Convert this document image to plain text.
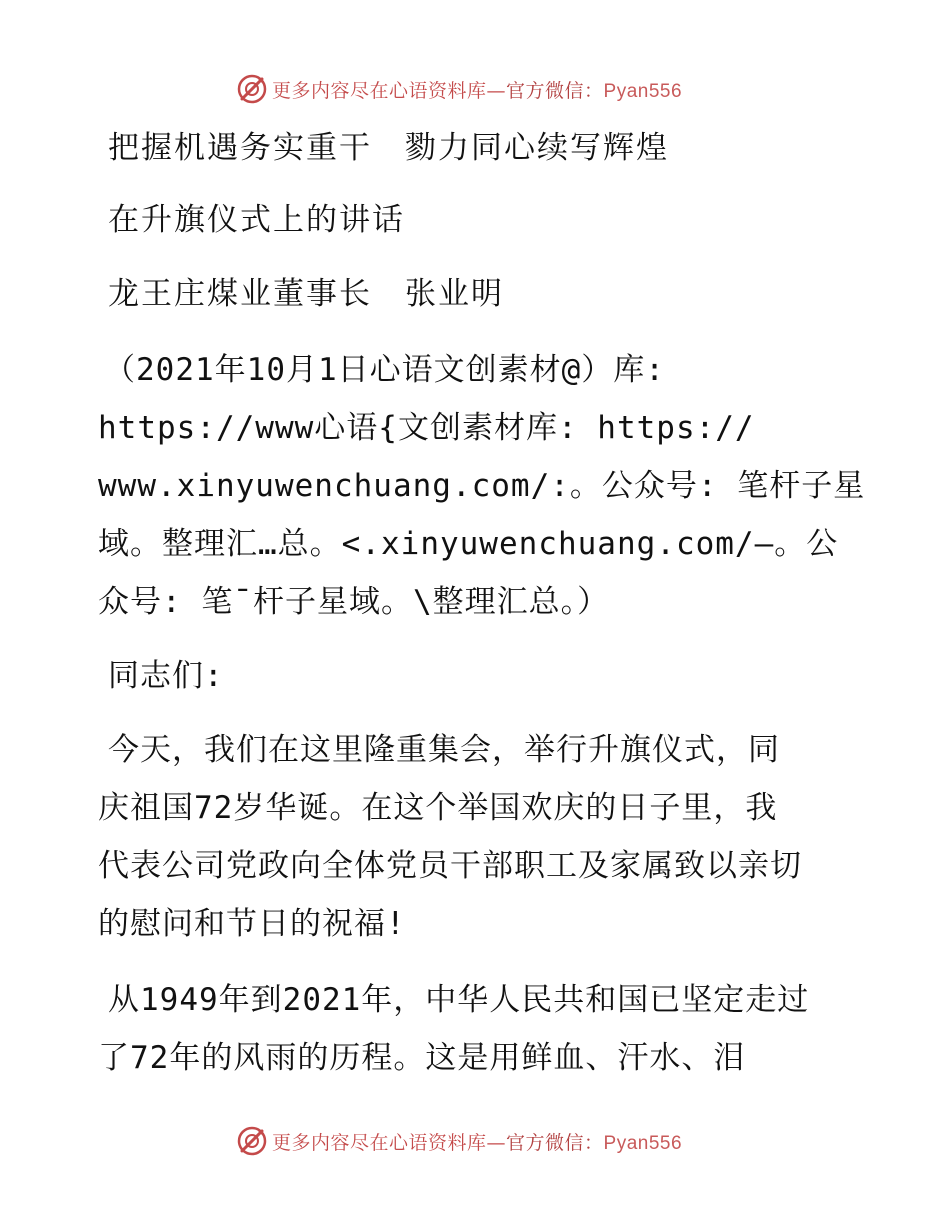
更多内容尽在心语资料库—官方微信：Pyan556
把握机遇务实重干　勠力同心续写辉煌
在升旗仪式上的讲话
龙王庄煤业董事长　张业明
（2021年10月1日心语文创素材@）库:
https://www心语{文创素材库: https://
www.xinyuwenchuang.com/:。公众号: 笔杆子星
域。整理汇…总。<.xinyuwenchuang.com/—。公
众号: 笔¯杆子星域。\整理汇总。）
同志们:
今天，我们在这里隆重集会，举行升旗仪式，同
庆祖国72岁华诞。在这个举国欢庆的日子里，我
代表公司党政向全体党员干部职工及家属致以亲切
的慰问和节日的祝福!
从1949年到2021年，中华人民共和国已坚定走过
了72年的风雨的历程。这是用鲜血、汗水、泪
更多内容尽在心语资料库—官方微信：Pyan556
